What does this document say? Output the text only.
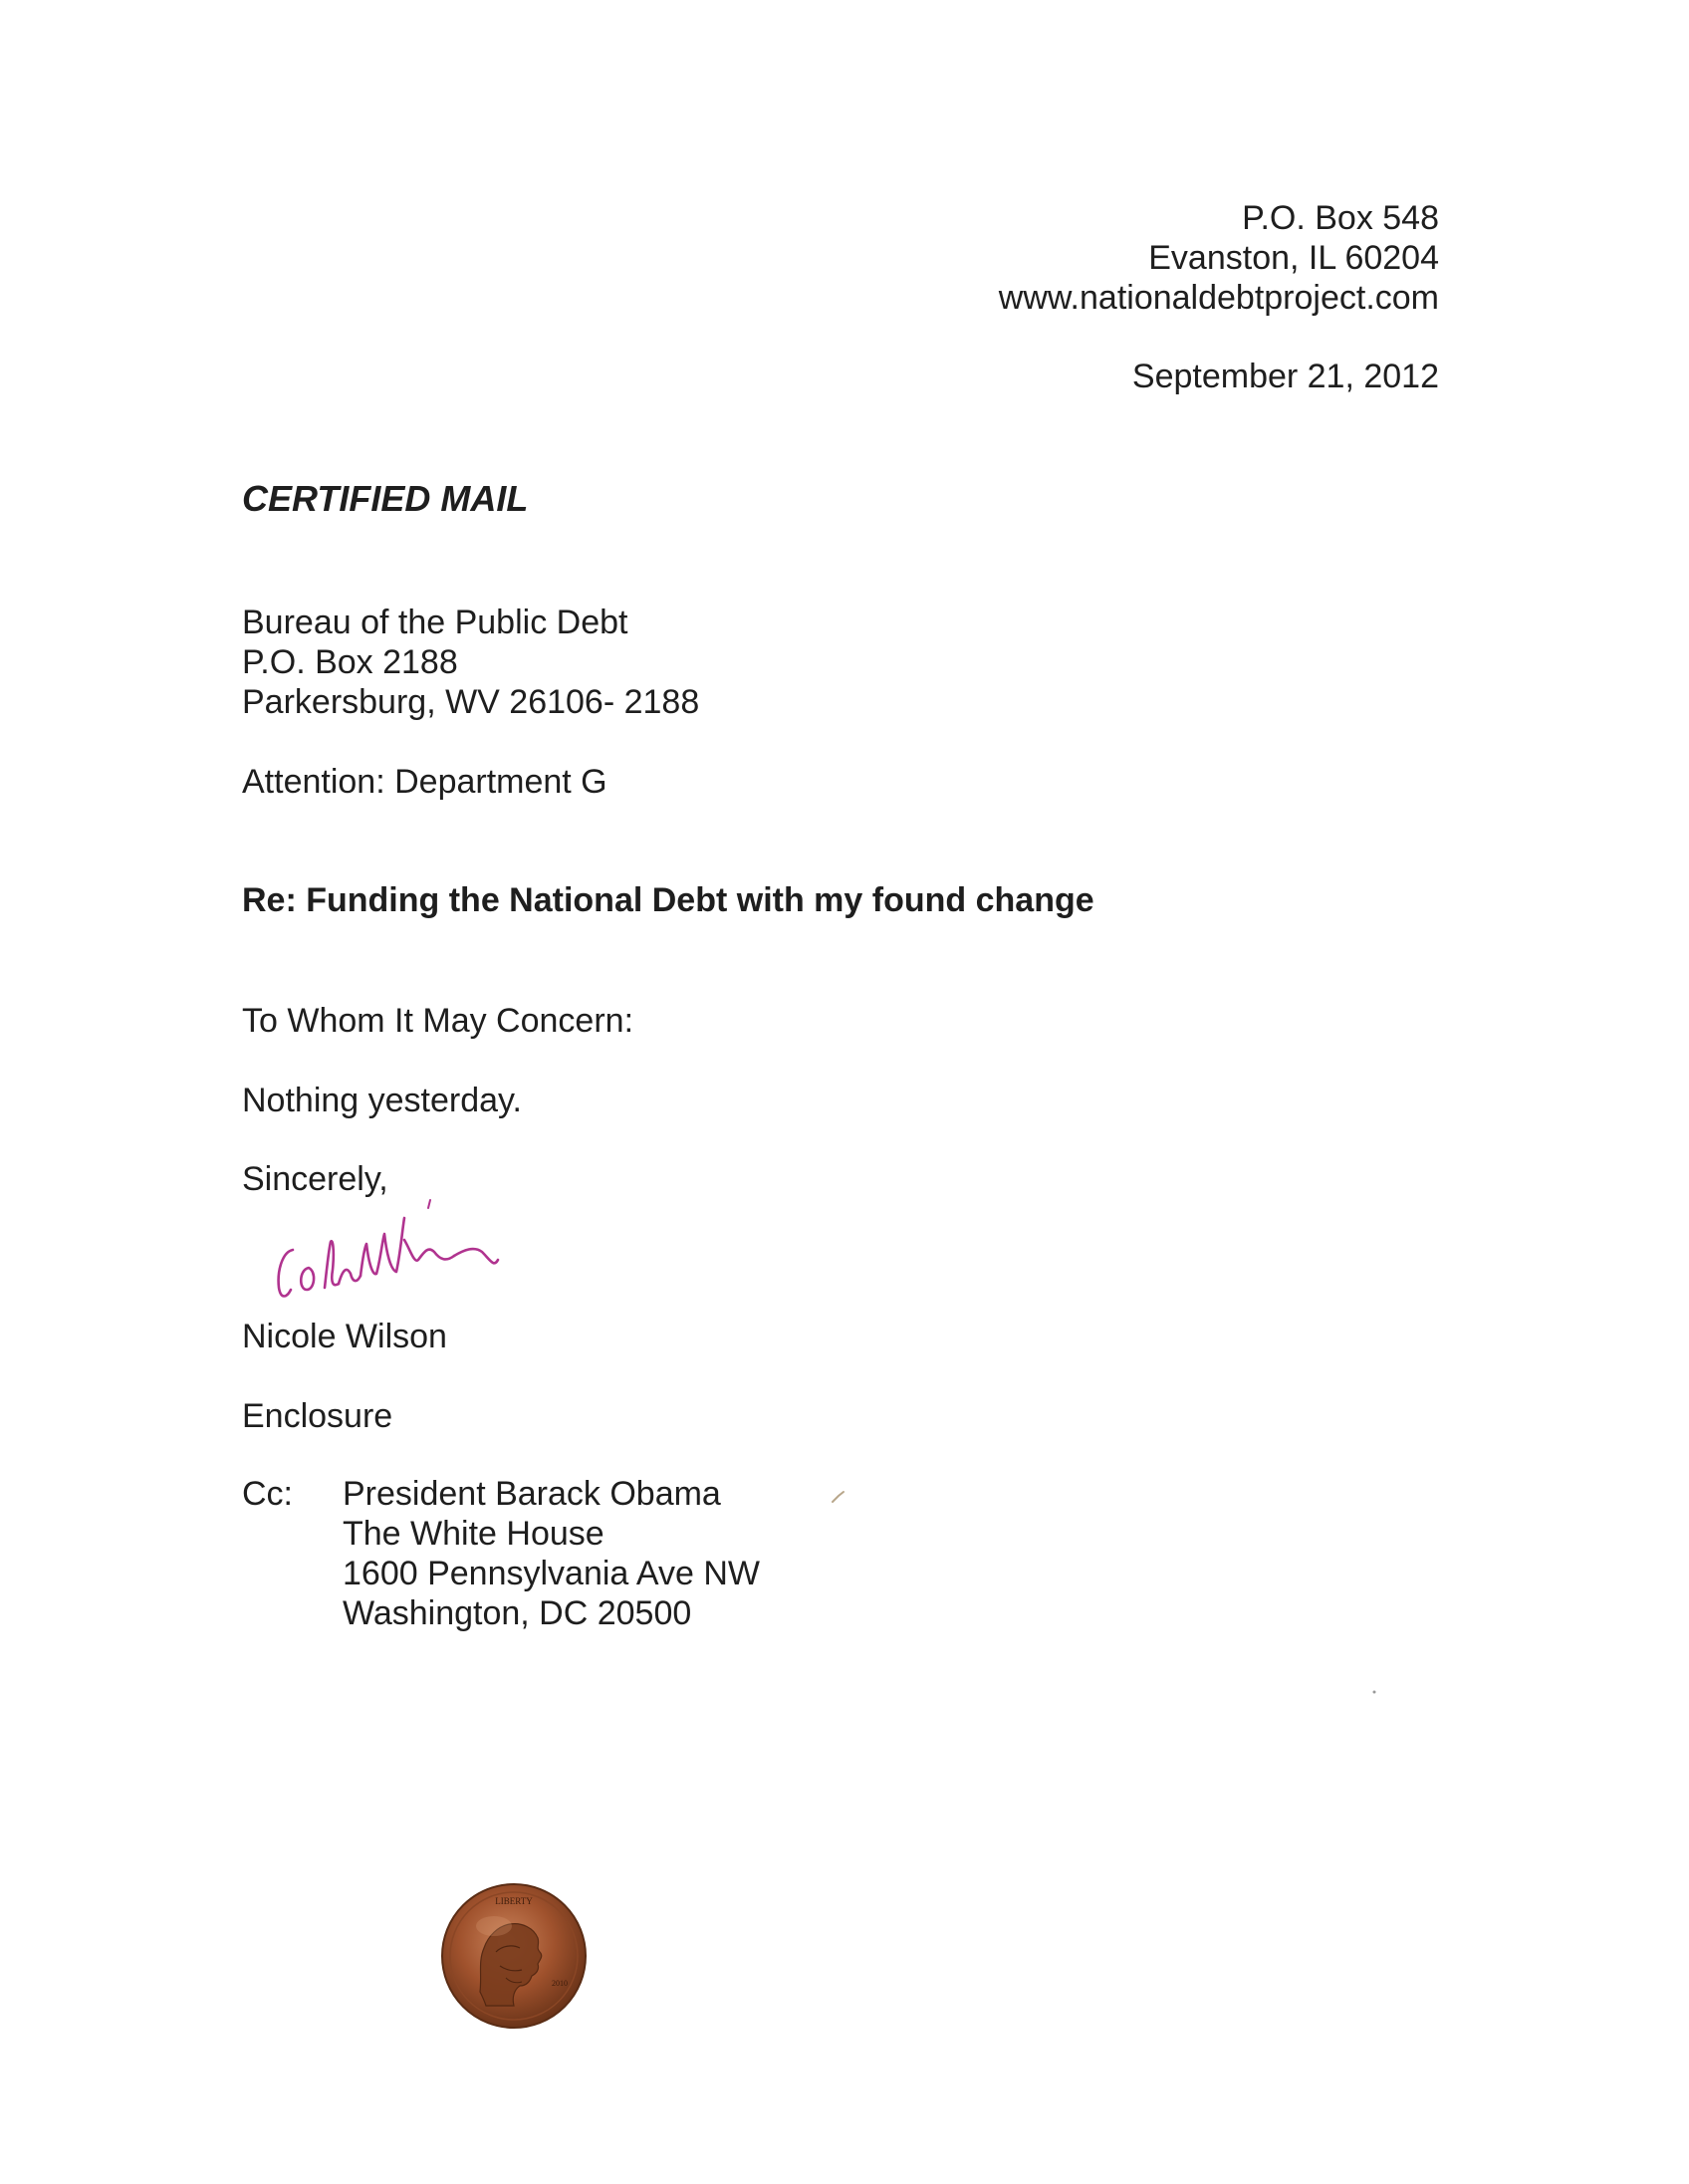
P.O. Box 548
Evanston, IL 60204
www.nationaldebtproject.com
September 21, 2012
CERTIFIED MAIL
Bureau of the Public Debt
P.O. Box 2188
Parkersburg, WV 26106- 2188
Attention: Department G
Re: Funding the National Debt with my found change
To Whom It May Concern:
Nothing yesterday.
Sincerely,
Nicole Wilson
Enclosure
Cc: President Barack Obama
The White House
1600 Pennsylvania Ave NW
Washington, DC 20500
LIBERTY
2010
